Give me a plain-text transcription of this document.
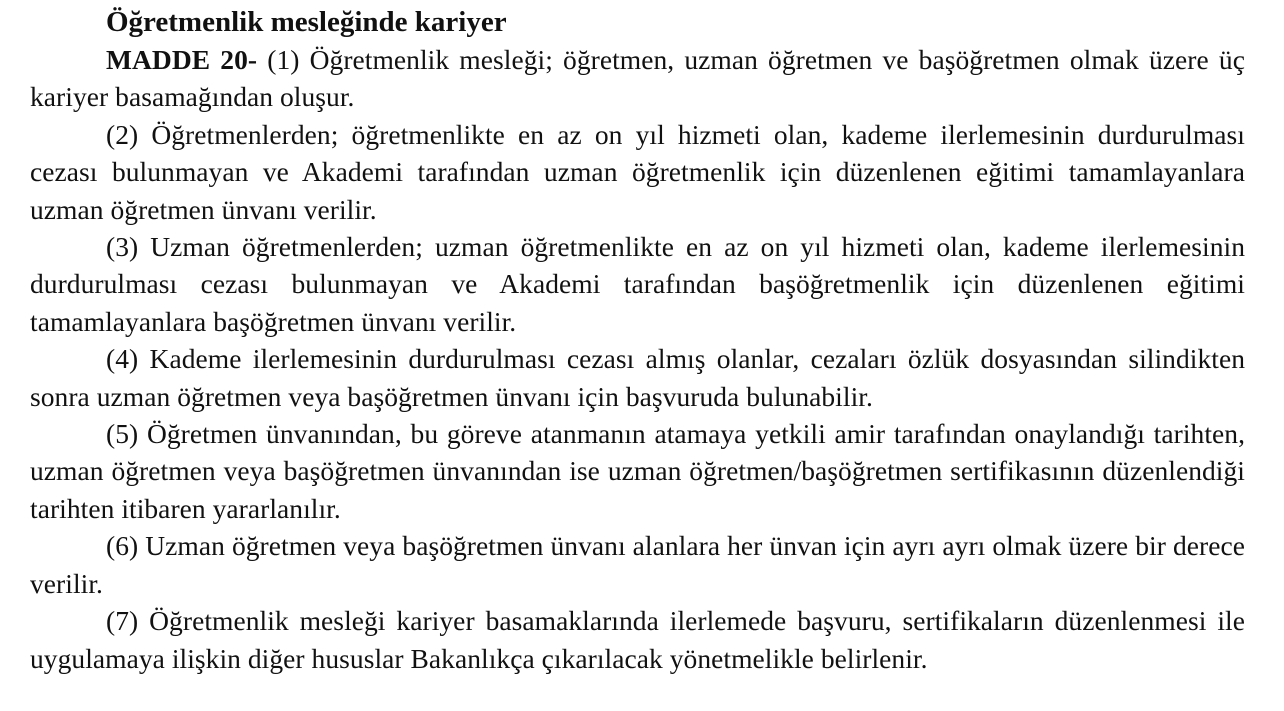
Öğretmenlik mesleğinde kariyer

MADDE 20- (1) Öğretmenlik mesleği; öğretmen, uzman öğretmen ve başöğretmen olmak üzere üç kariyer basamağından oluşur.

(2) Öğretmenlerden; öğretmenlikte en az on yıl hizmeti olan, kademe ilerlemesinin durdurulması cezası bulunmayan ve Akademi tarafından uzman öğretmenlik için düzenlenen eğitimi tamamlayanlara uzman öğretmen ünvanı verilir.

(3) Uzman öğretmenlerden; uzman öğretmenlikte en az on yıl hizmeti olan, kademe ilerlemesinin durdurulması cezası bulunmayan ve Akademi tarafından başöğretmenlik için düzenlenen eğitimi tamamlayanlara başöğretmen ünvanı verilir.

(4) Kademe ilerlemesinin durdurulması cezası almış olanlar, cezaları özlük dosyasından silindikten sonra uzman öğretmen veya başöğretmen ünvanı için başvuruda bulunabilir.

(5) Öğretmen ünvanından, bu göreve atanmanın atamaya yetkili amir tarafından onaylandığı tarihten, uzman öğretmen veya başöğretmen ünvanından ise uzman öğretmen/başöğretmen sertifikasının düzenlendiği tarihten itibaren yararlanılır.

(6) Uzman öğretmen veya başöğretmen ünvanı alanlara her ünvan için ayrı ayrı olmak üzere bir derece verilir.

(7) Öğretmenlik mesleği kariyer basamaklarında ilerlemede başvuru, sertifikaların düzenlenmesi ile uygulamaya ilişkin diğer hususlar Bakanlıkça çıkarılacak yönetmelikle belirlenir.
